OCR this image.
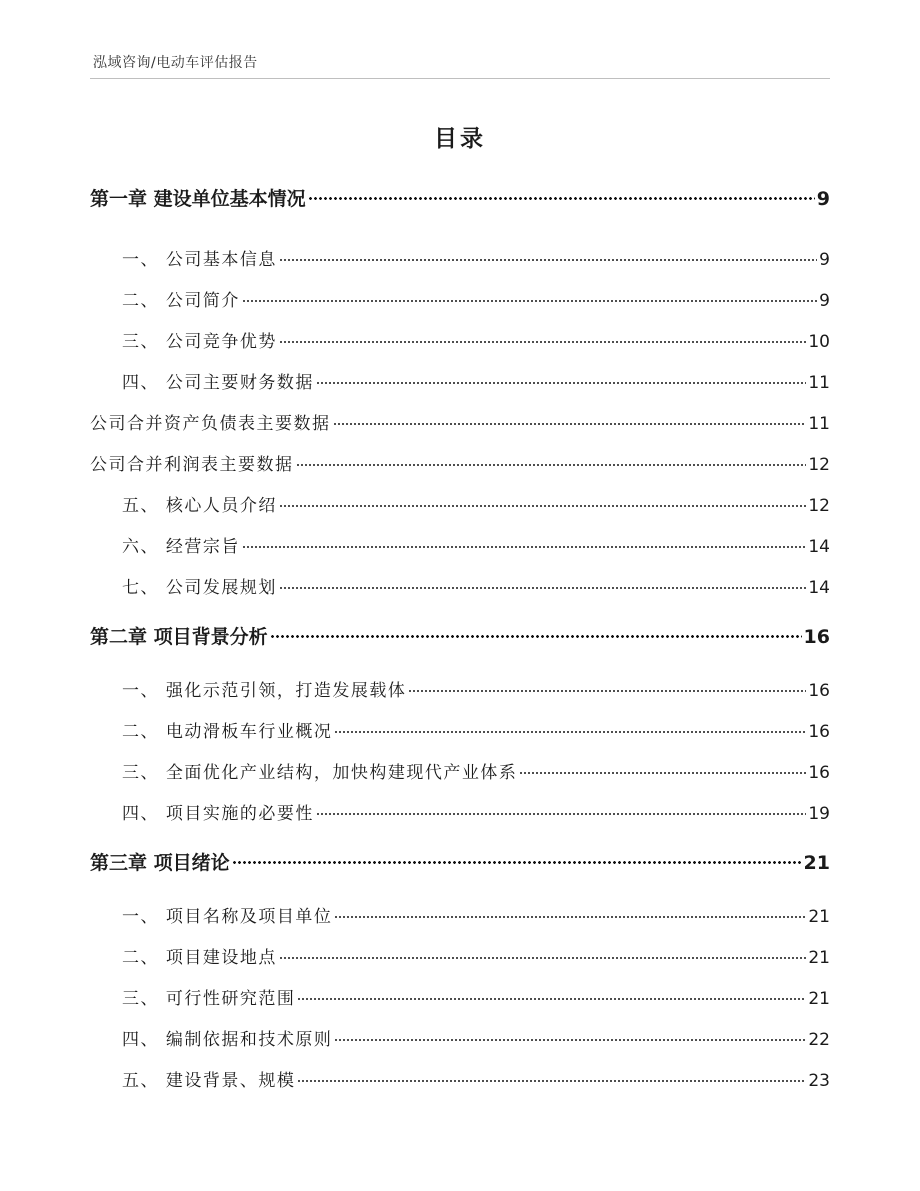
泓域咨询/电动车评估报告
目录
第一章 建设单位基本情况	9
一、 公司基本信息	9
二、 公司简介	9
三、 公司竞争优势	10
四、 公司主要财务数据	11
公司合并资产负债表主要数据	11
公司合并利润表主要数据	12
五、 核心人员介绍	12
六、 经营宗旨	14
七、 公司发展规划	14
第二章 项目背景分析	16
一、 强化示范引领，打造发展载体	16
二、 电动滑板车行业概况	16
三、 全面优化产业结构，加快构建现代产业体系	16
四、 项目实施的必要性	19
第三章 项目绪论	21
一、 项目名称及项目单位	21
二、 项目建设地点	21
三、 可行性研究范围	21
四、 编制依据和技术原则	22
五、 建设背景、规模	23
